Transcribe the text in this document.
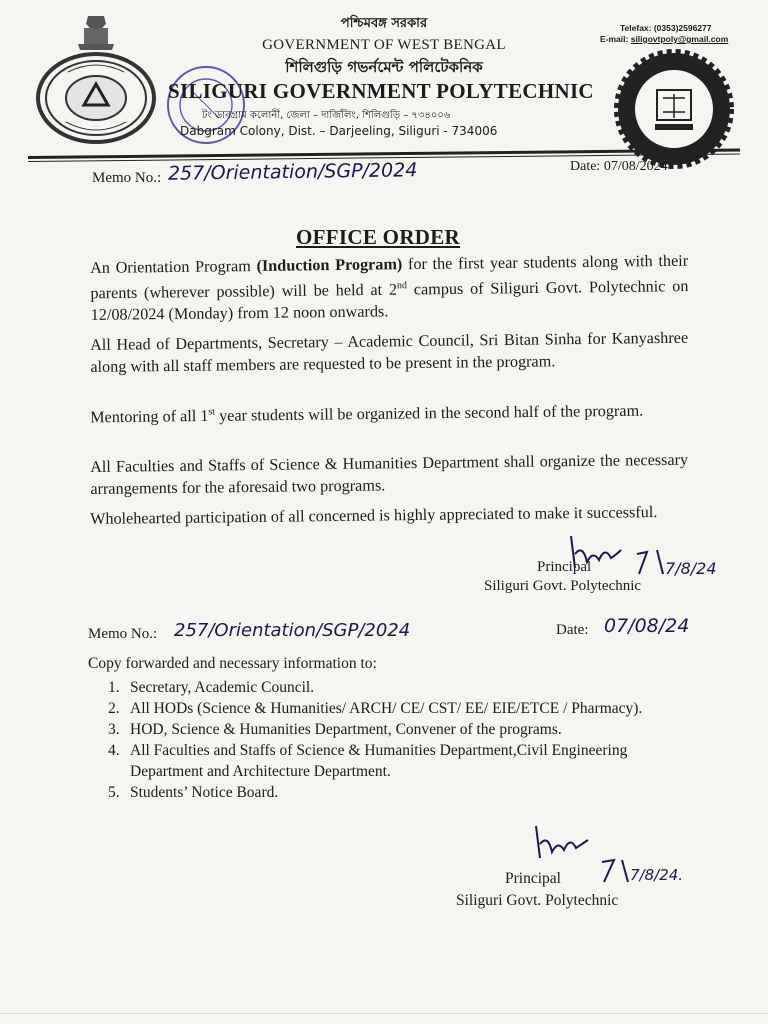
পশ্চিমবঙ্গ সরকার
GOVERNMENT OF WEST BENGAL
শিলিগুড়ি গভর্নমেন্ট পলিটেকনিক
SILIGURI GOVERNMENT POLYTECHNIC
টং ডাবগ্রাম কলোনী, জেলা – দার্জিলিং, শিলিগুড়ি – ৭৩৪০০৬
Dabgram Colony, Dist. – Darjeeling, Siliguri - 734006
Telefax: (0353)2596277
E-mail: siligovtpoly@gmail.com
Memo No.: 257/Orientation/SGP/2024	Date: 07/08/2024
OFFICE ORDER
An Orientation Program (Induction Program) for the first year students along with their parents (wherever possible) will be held at 2nd campus of Siliguri Govt. Polytechnic on 12/08/2024 (Monday) from 12 noon onwards.
All Head of Departments, Secretary – Academic Council, Sri Bitan Sinha for Kanyashree along with all staff members are requested to be present in the program.
Mentoring of all 1st year students will be organized in the second half of the program.
All Faculties and Staffs of Science & Humanities Department shall organize the necessary arrangements for the aforesaid two programs.
Wholehearted participation of all concerned is highly appreciated to make it successful.
7/8/24
Principal
Siliguri Govt. Polytechnic
Memo No.: 257/Orientation/SGP/2024	Date: 07/08/24
Copy forwarded and necessary information to:
1. Secretary, Academic Council.
2. All HODs (Science & Humanities/ ARCH/ CE/ CST/ EE/ EIE/ETCE / Pharmacy).
3. HOD, Science & Humanities Department, Convener of the programs.
4. All Faculties and Staffs of Science & Humanities Department,Civil Engineering Department and Architecture Department.
5. Students’ Notice Board.
7/8/24.
Principal
Siliguri Govt. Polytechnic
